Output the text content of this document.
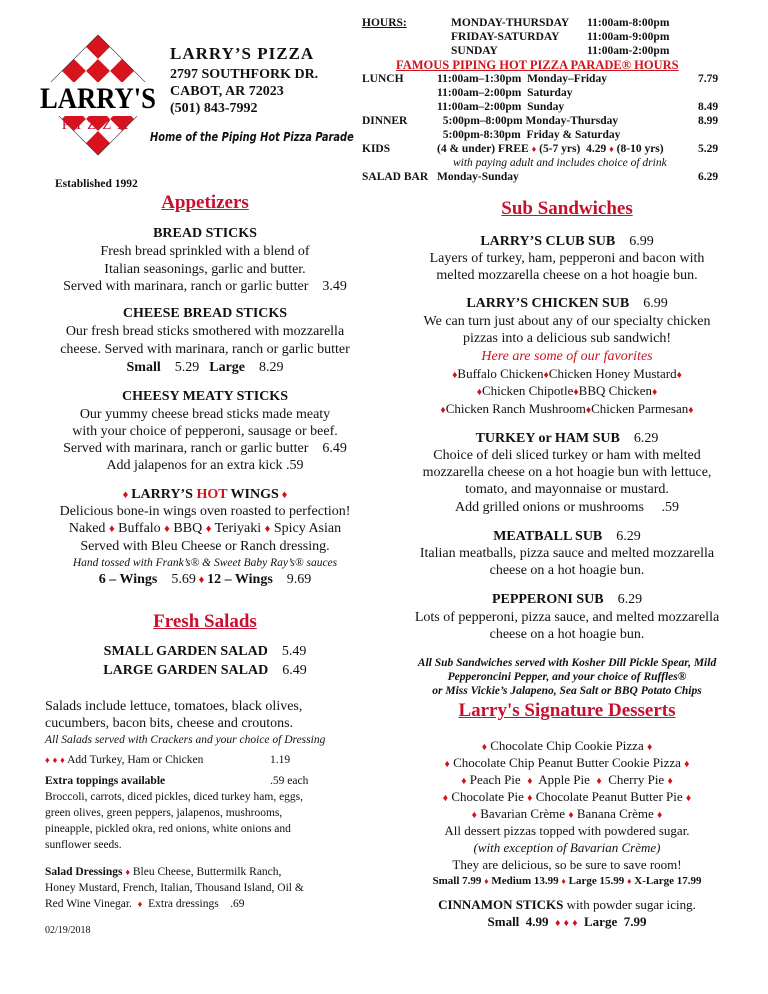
LARRY'S
PIZZA
LARRY’S PIZZA
2797 SOUTHFORK DR.
CABOT, AR 72023
(501) 843-7992
Home of the Piping Hot Pizza Parade
Established 1992
HOURS:	MONDAY-THURSDAY 11:00am-8:00pm
FRIDAY-SATURDAY 11:00am-9:00pm
SUNDAY	11:00am-2:00pm
FAMOUS PIPING HOT PIZZA PARADE® HOURS
LUNCH	11:00am–1:30pm  Monday–Friday	7.79
11:00am–2:00pm  Saturday
11:00am–2:00pm  Sunday	8.49
DINNER	5:00pm–8:00pm Monday-Thursday	8.99
5:00pm-8:30pm  Friday & Saturday
KIDS	(4 & under) FREE ♦ (5-7 yrs)  4.29 ♦ (8-10 yrs)	5.29
with paying adult and includes choice of drink
SALAD BAR Monday-Sunday	6.29
Appetizers
BREAD STICKS
Fresh bread sprinkled with a blend of
Italian seasonings, garlic and butter.
Served with marinara, ranch or garlic butter 3.49
CHEESE BREAD STICKS
Our fresh bread sticks smothered with mozzarella
cheese. Served with marinara, ranch or garlic butter
Small 5.29 Large 8.29
CHEESY MEATY STICKS
Our yummy cheese bread sticks made meaty
with your choice of pepperoni, sausage or beef.
Served with marinara, ranch or garlic butter 6.49
Add jalapenos for an extra kick .59
♦ LARRY’S HOT WINGS ♦
Delicious bone-in wings oven roasted to perfection!
Naked ♦ Buffalo ♦ BBQ ♦ Teriyaki ♦ Spicy Asian
Served with Bleu Cheese or Ranch dressing.
Hand tossed with Frank’s® & Sweet Baby Ray’s® sauces
6 – Wings 5.69 ♦ 12 – Wings 9.69
Fresh Salads
SMALL GARDEN SALAD 5.49
LARGE GARDEN SALAD 6.49
Salads include lettuce, tomatoes, black olives,
cucumbers, bacon bits, cheese and croutons.
All Salads served with Crackers and your choice of Dressing
♦ ♦ ♦ Add Turkey, Ham or Chicken	1.19
Extra toppings available	.59 each
Broccoli, carrots, diced pickles, diced turkey ham, eggs,
green olives, green peppers, jalapenos, mushrooms,
pineapple, pickled okra, red onions, white onions and
sunflower seeds.
Salad Dressings ♦ Bleu Cheese, Buttermilk Ranch,
Honey Mustard, French, Italian, Thousand Island, Oil &
Red Wine Vinegar.  ♦  Extra dressings    .69
02/19/2018
Sub Sandwiches
LARRY’S CLUB SUB 6.99
Layers of turkey, ham, pepperoni and bacon with
melted mozzarella cheese on a hot hoagie bun.
LARRY’S CHICKEN SUB 6.99
We can turn just about any of our specialty chicken
pizzas into a delicious sub sandwich!
Here are some of our favorites
♦Buffalo Chicken♦Chicken Honey Mustard♦
♦Chicken Chipotle♦BBQ Chicken♦
♦Chicken Ranch Mushroom♦Chicken Parmesan♦
TURKEY or HAM SUB 6.29
Choice of deli sliced turkey or ham with melted
mozzarella cheese on a hot hoagie bun with lettuce,
tomato, and mayonnaise or mustard.
Add grilled onions or mushrooms     .59
MEATBALL SUB 6.29
Italian meatballs, pizza sauce and melted mozzarella
cheese on a hot hoagie bun.
PEPPERONI SUB 6.29
Lots of pepperoni, pizza sauce, and melted mozzarella
cheese on a hot hoagie bun.
All Sub Sandwiches served with Kosher Dill Pickle Spear, Mild
Pepperoncini Pepper, and your choice of Ruffles®
or Miss Vickie’s Jalapeno, Sea Salt or BBQ Potato Chips
Larry's Signature Desserts
♦ Chocolate Chip Cookie Pizza ♦
♦ Chocolate Chip Peanut Butter Cookie Pizza ♦
♦ Peach Pie  ♦  Apple Pie  ♦  Cherry Pie ♦
♦ Chocolate Pie ♦ Chocolate Peanut Butter Pie ♦
♦ Bavarian Crème ♦ Banana Crème ♦
All dessert pizzas topped with powdered sugar.
(with exception of Bavarian Crème)
They are delicious, so be sure to save room!
Small 7.99 ♦ Medium 13.99 ♦ Large 15.99 ♦ X-Large 17.99
CINNAMON STICKS with powder sugar icing.
Small  4.99  ♦ ♦ ♦  Large  7.99
